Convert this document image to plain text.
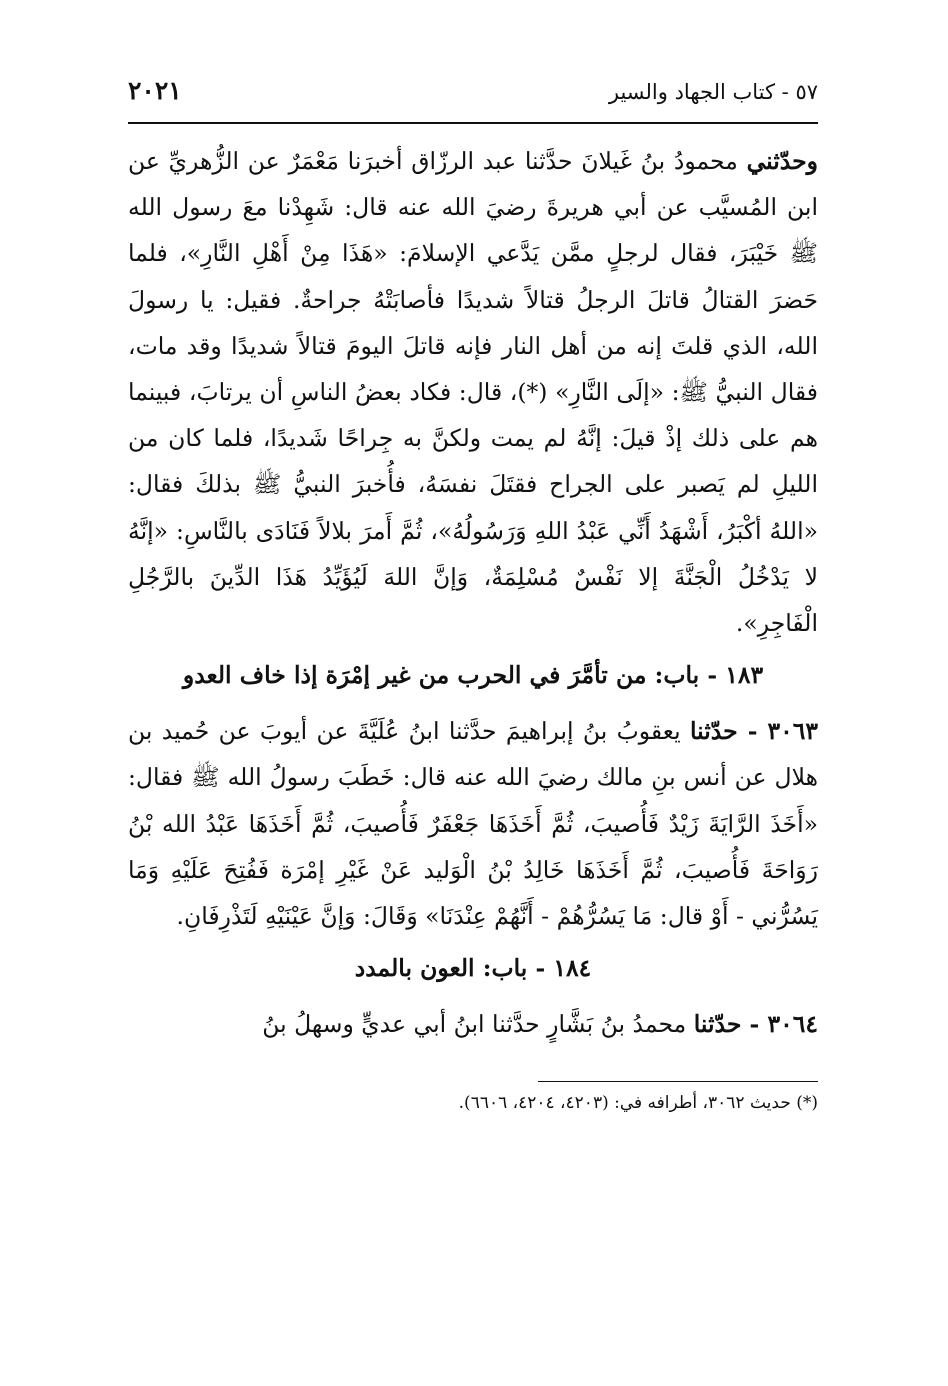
٢٠٢١	٥٧ - كتاب الجهاد والسير

وحدّثني محمودُ بنُ غَيلانَ حدَّثنا عبد الرزّاق أخبرَنا مَعْمَرٌ عن الزُّهريِّ عن ابن المُسيَّب عن أبي هريرةَ رضيَ الله عنه قال: شَهِدْنا معَ رسول الله ﷺ خَيْبَرَ، فقال لرجلٍ ممَّن يَدَّعي الإسلامَ: «هَذَا مِنْ أَهْلِ النَّارِ»، فلما حَضرَ القتالُ قاتلَ الرجلُ قتالاً شديدًا فأصابَتْهُ جراحةٌ. فقيل: يا رسولَ الله، الذي قلتَ إنه من أهل النار فإنه قاتلَ اليومَ قتالاً شديدًا وقد مات، فقال النبيُّ ﷺ: «إلَى النَّارِ» (*)، قال: فكاد بعضُ الناسِ أن يرتابَ، فبينما هم على ذلك إذْ قيلَ: إنَّهُ لم يمت ولكنَّ به جِراحًا شَديدًا، فلما كان من الليلِ لم يَصبر على الجراح فقتَلَ نفسَهُ، فأُخبرَ النبيُّ ﷺ بذلكَ فقال: «اللهُ أكْبَرُ، أَشْهَدُ أَنِّي عَبْدُ اللهِ وَرَسُولُهُ»، ثُمَّ أَمرَ بلالاً فَنَادَى بالنَّاسِ: «إنَّهُ لا يَدْخُلُ الْجَنَّةَ إلا نَفْسٌ مُسْلِمَةٌ، وَإنَّ اللهَ لَيُؤَيِّدُ هَذَا الدِّينَ بالرَّجُلِ الْفَاجِرِ».

١٨٣ - باب: من تأمَّرَ في الحرب من غير إمْرَة إذا خاف العدو

٣٠٦٣ - حدّثنا يعقوبُ بنُ إبراهيمَ حدَّثنا ابنُ عُلَيَّةَ عن أيوبَ عن حُميد بن هلال عن أنس بنِ مالك رضيَ الله عنه قال: خَطَبَ رسولُ الله ﷺ فقال: «أَخَذَ الرَّايَةَ زَيْدٌ فَأُصيبَ، ثُمَّ أَخَذَهَا جَعْفَرٌ فَأُصيبَ، ثُمَّ أَخَذَهَا عَبْدُ الله بْنُ رَوَاحَةَ فَأُصيبَ، ثُمَّ أَخَذَهَا خَالِدُ بْنُ الْوَليد عَنْ غَيْرِ إمْرَة فَفُتِحَ عَلَيْهِ وَمَا يَسُرُّني - أَوْ قال: مَا يَسُرُّهُمْ - أَنَّهُمْ عِنْدَنَا» وَقَالَ: وَإنَّ عَيْنَيْهِ لَتَذْرِفَانِ.

١٨٤ - باب: العون بالمدد

٣٠٦٤ - حدّثنا محمدُ بنُ بَشَّارٍ حدَّثنا ابنُ أبي عديٍّ وسهلُ بنُ

(*) حديث ٣٠٦٢، أطرافه في: (٤٢٠٣، ٤٢٠٤، ٦٦٠٦).
